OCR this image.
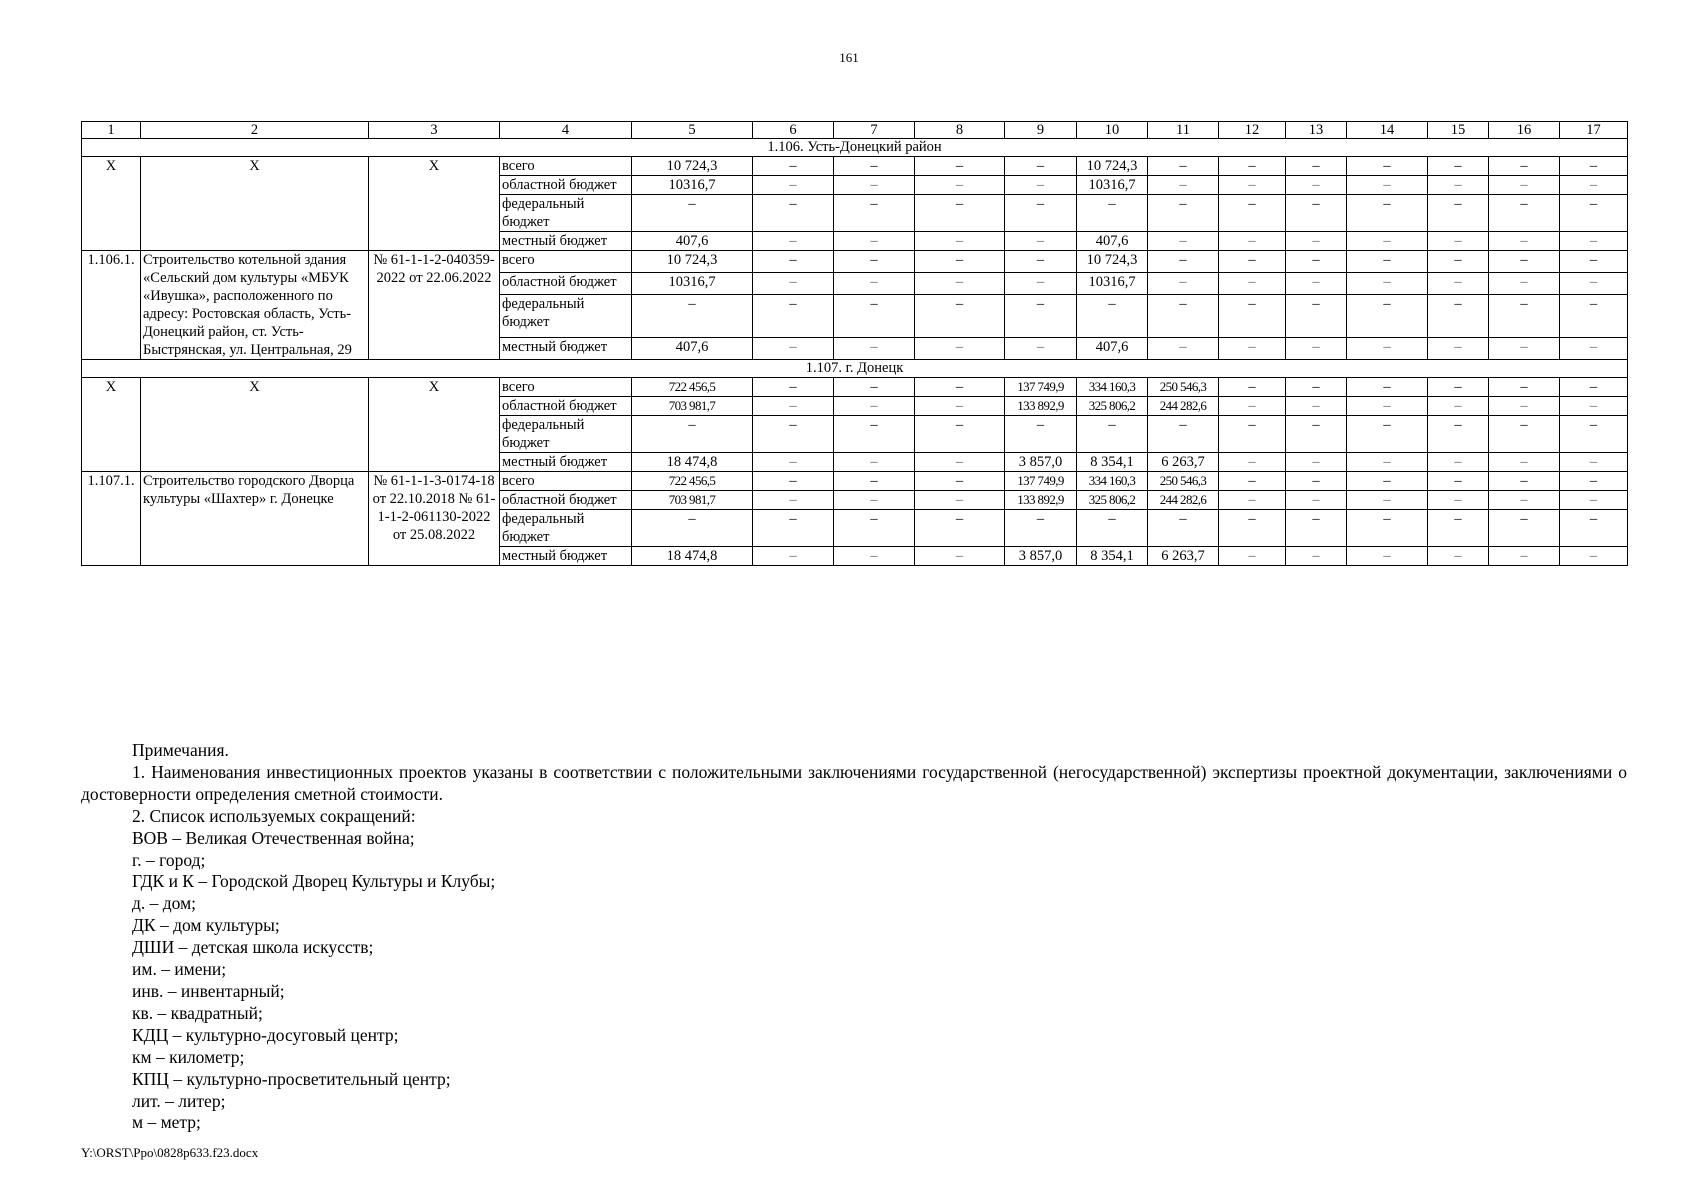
161
1	2	3	4	5	6	7	8	9	10	11	12	13	14	15	16	17
1.106. Усть-Донецкий район																
X	X	X	всего	10 724,3	–	–	–	–	10 724,3	–	–	–	–	–	–	–
			областной бюджет	10316,7	–	–	–	–	10316,7	–	–	–	–	–	–	–
			федеральный бюджет	–	–	–	–	–	–	–	–	–	–	–	–	–
			местный бюджет	407,6	–	–	–	–	407,6	–	–	–	–	–	–	–
1.106.1.	Строительство котельной здания «Сельский дом культуры «МБУК «Ивушка», расположенного по адресу: Ростовская область, Усть-Донецкий район, ст. Усть-Быстрянская, ул. Центральная, 29	№ 61-1-1-2-040359-2022 от 22.06.2022	всего	10 724,3	–	–	–	–	10 724,3	–	–	–	–	–	–	–
			областной бюджет	10316,7	–	–	–	–	10316,7	–	–	–	–	–	–	–
			федеральный бюджет	–	–	–	–	–	–	–	–	–	–	–	–	–
			местный бюджет	407,6	–	–	–	–	407,6	–	–	–	–	–	–	–
1.107. г. Донецк																
X	X	X	всего	722 456,5	–	–	–	137 749,9	334 160,3	250 546,3	–	–	–	–	–	–
			областной бюджет	703 981,7	–	–	–	133 892,9	325 806,2	244 282,6	–	–	–	–	–	–
			федеральный бюджет	–	–	–	–	–	–	–	–	–	–	–	–	–
			местный бюджет	18 474,8	–	–	–	3 857,0	8 354,1	6 263,7	–	–	–	–	–	–
1.107.1.	Строительство городского Дворца культуры «Шахтер» г. Донецке	№ 61-1-1-3-0174-18 от 22.10.2018 № 61-1-1-2-061130-2022 от 25.08.2022	всего	722 456,5	–	–	–	137 749,9	334 160,3	250 546,3	–	–	–	–	–	–
			областной бюджет	703 981,7	–	–	–	133 892,9	325 806,2	244 282,6	–	–	–	–	–	–
			федеральный бюджет	–	–	–	–	–	–	–	–	–	–	–	–	–
			местный бюджет	18 474,8	–	–	–	3 857,0	8 354,1	6 263,7	–	–	–	–	–	–

Примечания.

1. Наименования инвестиционных проектов указаны в соответствии с положительными заключениями государственной (негосударственной) экспертизы проектной документации, заключениями о достоверности определения сметной стоимости.

2. Список используемых сокращений:

ВОВ – Великая Отечественная война;

г. – город;

ГДК и К – Городской Дворец Культуры и Клубы;

д. – дом;

ДК – дом культуры;

ДШИ – детская школа искусств;

им. – имени;

инв. – инвентарный;

кв. – квадратный;

КДЦ – культурно-досуговый центр;

км – километр;

КПЦ – культурно-просветительный центр;

лит. – литер;

м – метр;

Y:\ORST\Ppo\0828p633.f23.docx
